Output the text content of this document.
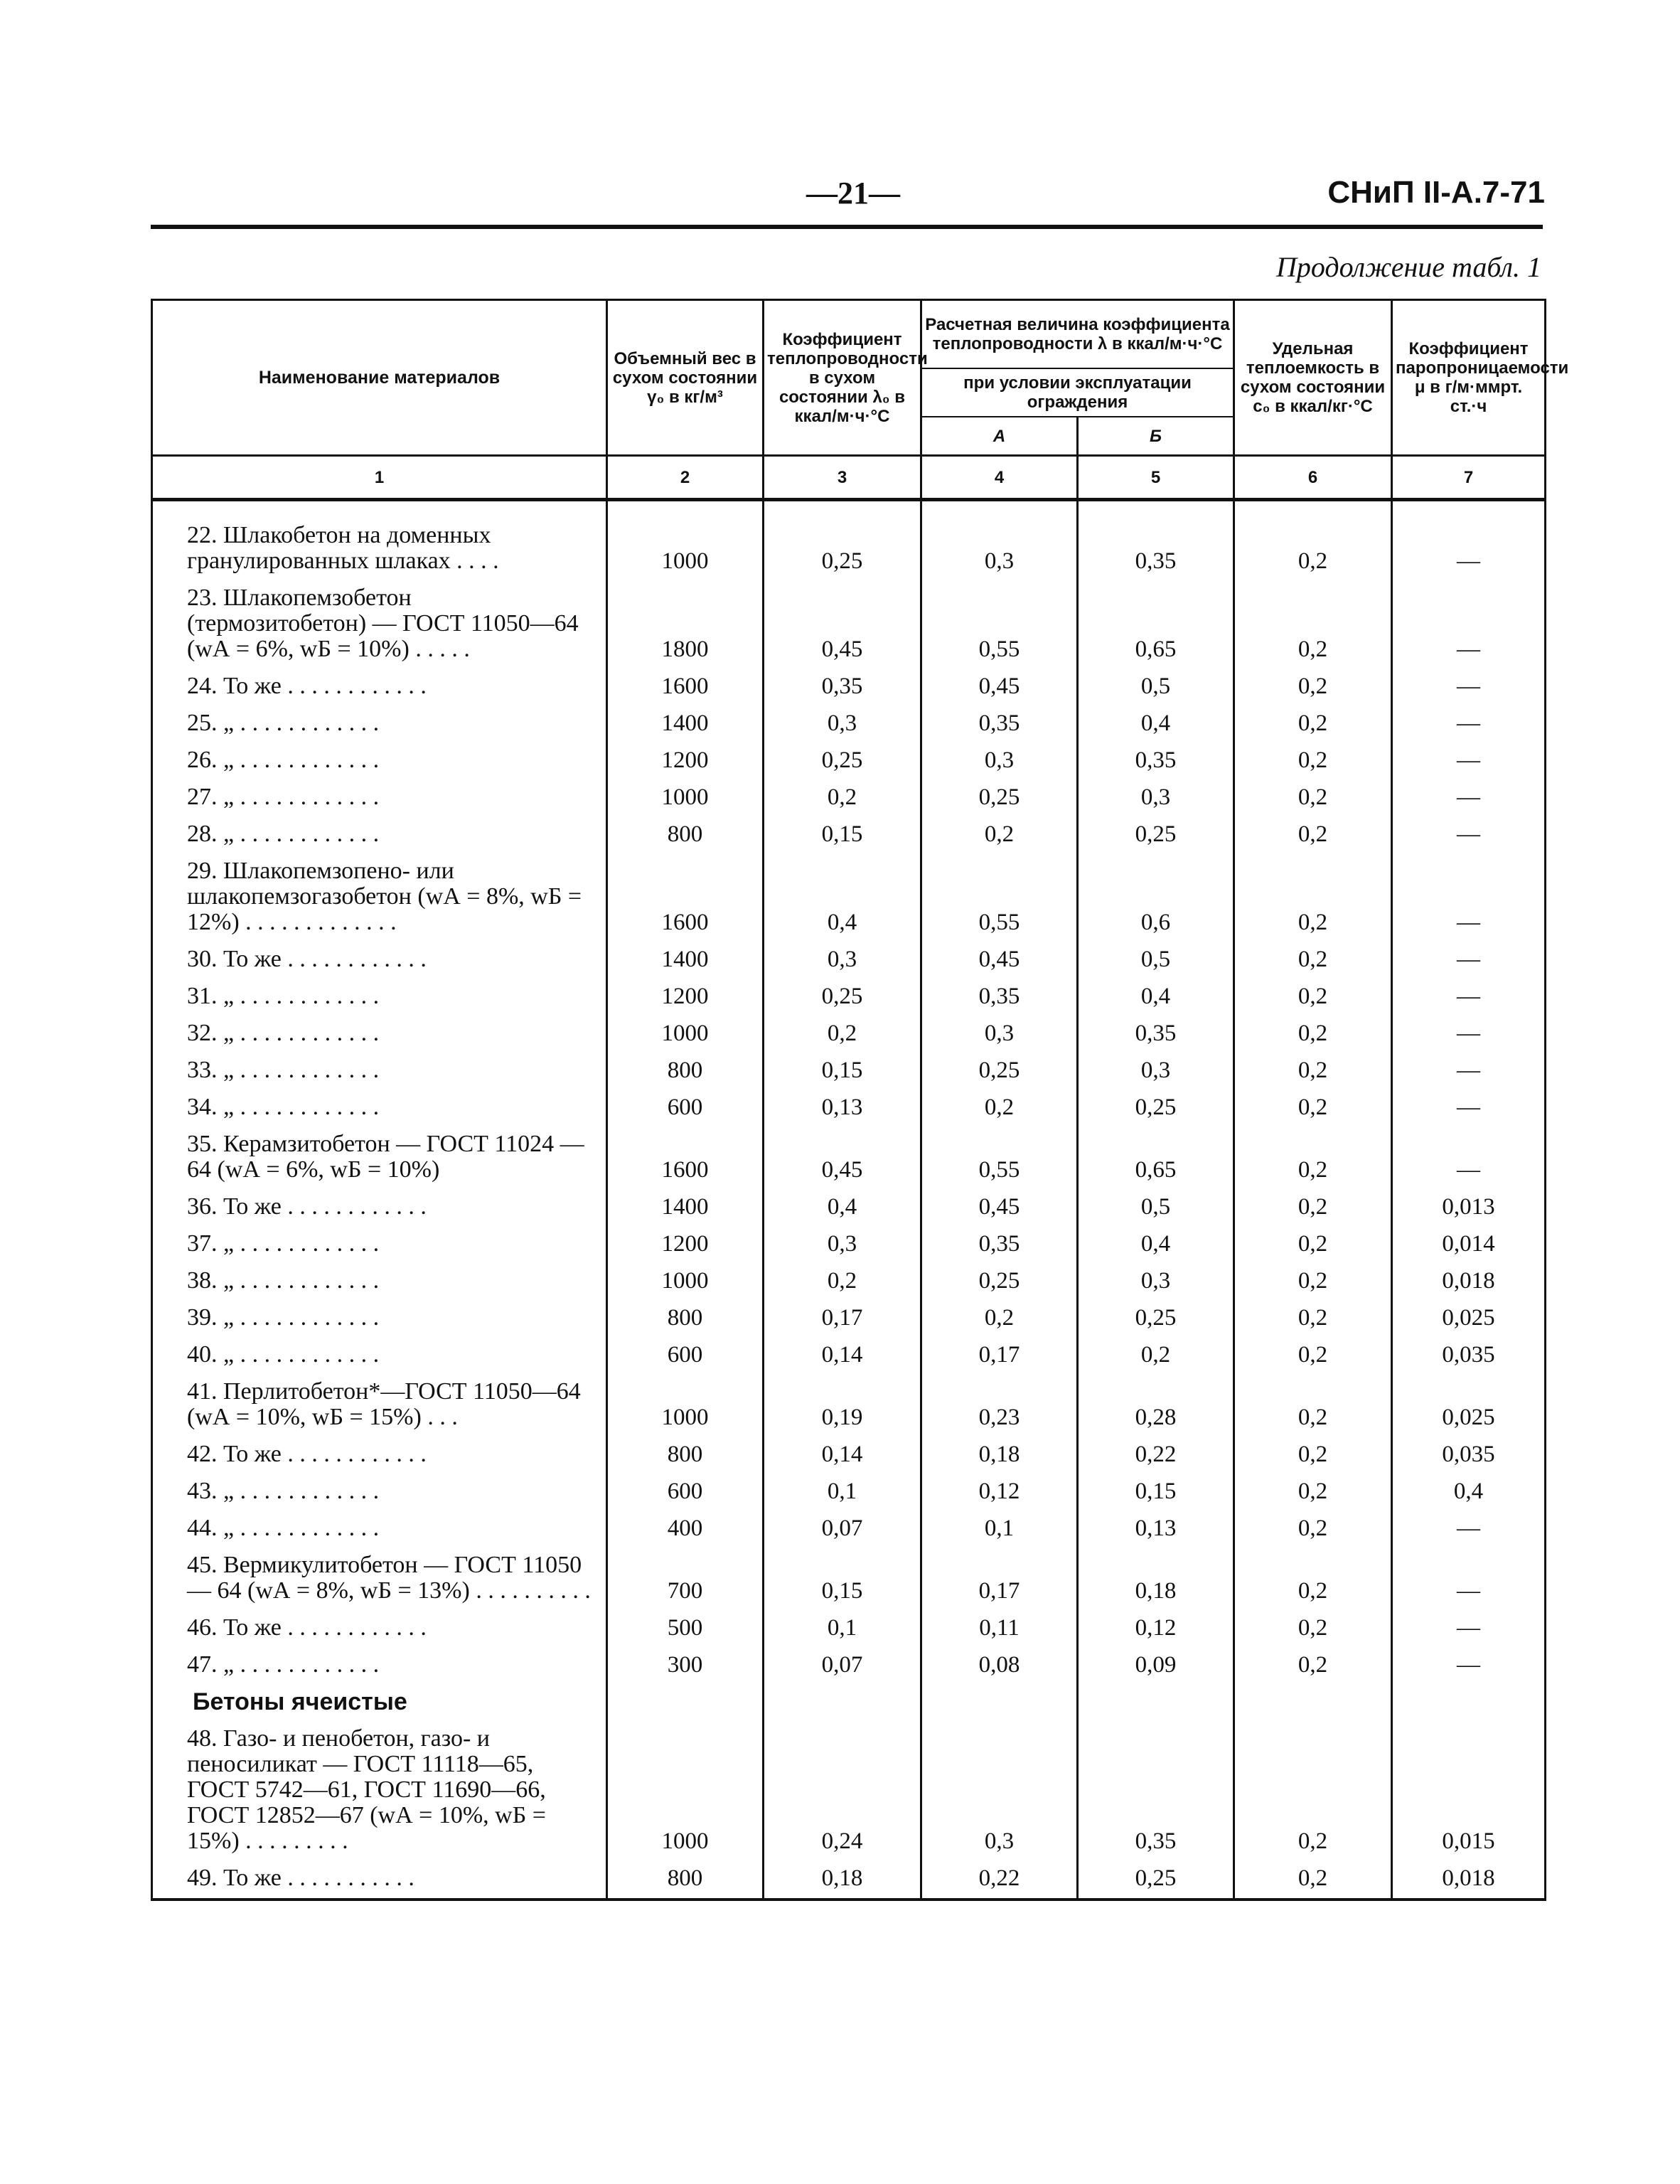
—21—	СНиП II-А.7-71
Продолжение табл. 1
Наименование материалов	Объемный вес в сухом состоянии γ₀ в кг/м³	Коэффициент теплопроводности в сухом состоянии λ₀ в ккал/м·ч·°С	Расчетная величина коэффициента теплопроводности λ в ккал/м·ч·°С		Удельная теплоемкость в сухом состоянии с₀ в ккал/кг·°С	Коэффициент паропроницаемости μ в г/м·ммрт. ст.·ч
			при условии эксплуатации ограждения			
			А	Б		
1	2	3	4	5	6	7
22. Шлакобетон на доменных гранулированных шлаках . . . .	1000	0,25	0,3	0,35	0,2	—
23. Шлакопемзобетон (термозитобетон) — ГОСТ 11050—64 (wА = 6%, wБ = 10%) . . . . .	1800	0,45	0,55	0,65	0,2	—
24. То же . . . . . . . . . . . .	1600	0,35	0,45	0,5	0,2	—
25. „ . . . . . . . . . . . .	1400	0,3	0,35	0,4	0,2	—
26. „ . . . . . . . . . . . .	1200	0,25	0,3	0,35	0,2	—
27. „ . . . . . . . . . . . .	1000	0,2	0,25	0,3	0,2	—
28. „ . . . . . . . . . . . .	800	0,15	0,2	0,25	0,2	—
29. Шлакопемзопено- или шлакопемзогазобетон (wА = 8%, wБ = 12%) . . . . . . . . . . . . .	1600	0,4	0,55	0,6	0,2	—
30. То же . . . . . . . . . . . .	1400	0,3	0,45	0,5	0,2	—
31. „ . . . . . . . . . . . .	1200	0,25	0,35	0,4	0,2	—
32. „ . . . . . . . . . . . .	1000	0,2	0,3	0,35	0,2	—
33. „ . . . . . . . . . . . .	800	0,15	0,25	0,3	0,2	—
34. „ . . . . . . . . . . . .	600	0,13	0,2	0,25	0,2	—
35. Керамзитобетон — ГОСТ 11024 — 64 (wА = 6%, wБ = 10%)	1600	0,45	0,55	0,65	0,2	—
36. То же . . . . . . . . . . . .	1400	0,4	0,45	0,5	0,2	0,013
37. „ . . . . . . . . . . . .	1200	0,3	0,35	0,4	0,2	0,014
38. „ . . . . . . . . . . . .	1000	0,2	0,25	0,3	0,2	0,018
39. „ . . . . . . . . . . . .	800	0,17	0,2	0,25	0,2	0,025
40. „ . . . . . . . . . . . .	600	0,14	0,17	0,2	0,2	0,035
41. Перлитобетон*—ГОСТ 11050—64 (wА = 10%, wБ = 15%) . . .	1000	0,19	0,23	0,28	0,2	0,025
42. То же . . . . . . . . . . . .	800	0,14	0,18	0,22	0,2	0,035
43. „ . . . . . . . . . . . .	600	0,1	0,12	0,15	0,2	0,4
44. „ . . . . . . . . . . . .	400	0,07	0,1	0,13	0,2	—
45. Вермикулитобетон — ГОСТ 11050 — 64 (wА = 8%, wБ = 13%) . . . . . . . . . .	700	0,15	0,17	0,18	0,2	—
46. То же . . . . . . . . . . . .	500	0,1	0,11	0,12	0,2	—
47. „ . . . . . . . . . . . .	300	0,07	0,08	0,09	0,2	—
Бетоны ячеистые						
48. Газо- и пенобетон, газо- и пеносиликат — ГОСТ 11118—65, ГОСТ 5742—61, ГОСТ 11690—66, ГОСТ 12852—67 (wА = 10%, wБ = 15%) . . . . . . . . .	1000	0,24	0,3	0,35	0,2	0,015
49. То же . . . . . . . . . . .	800	0,18	0,22	0,25	0,2	0,018
